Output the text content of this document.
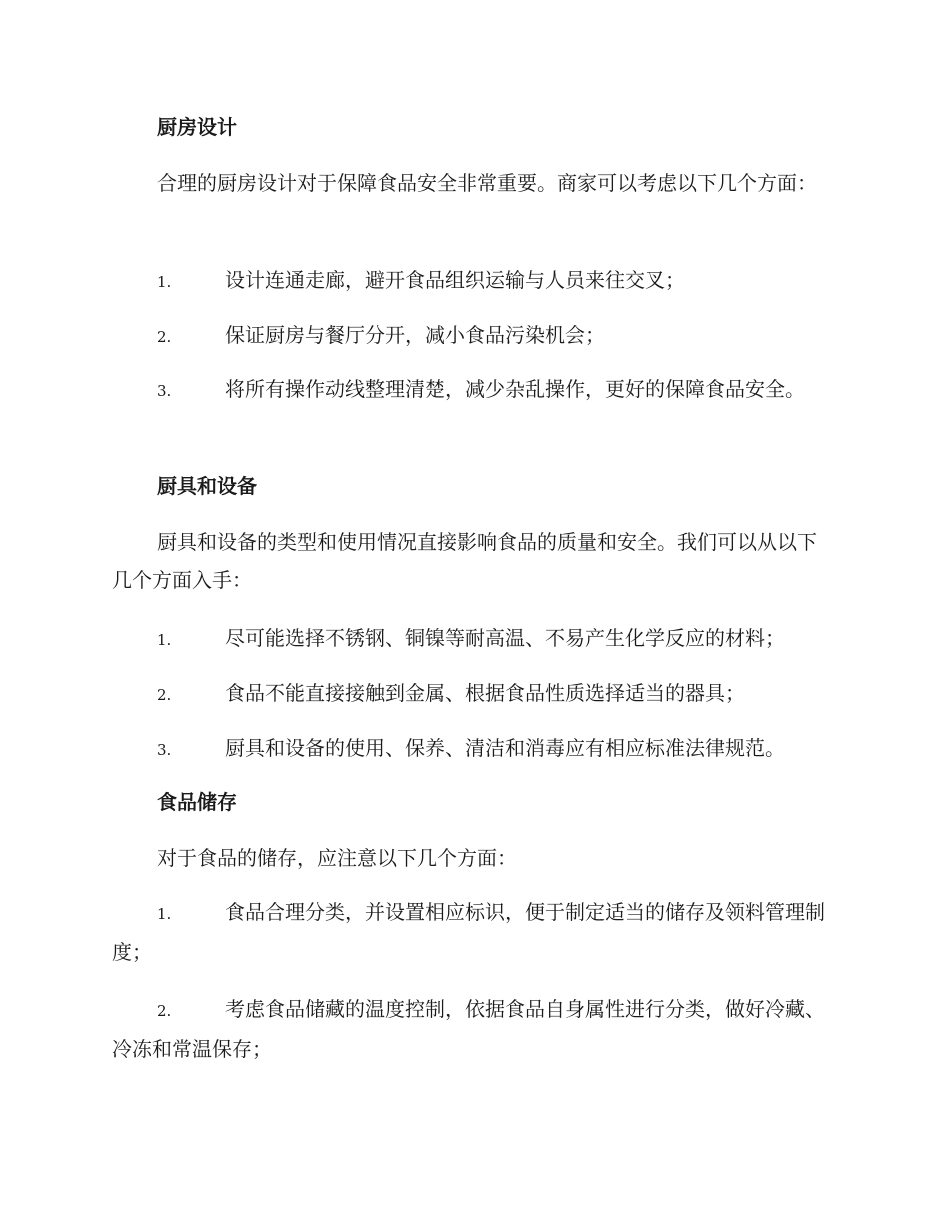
厨房设计
合理的厨房设计对于保障食品安全非常重要。商家可以考虑以下几个方面：
1.	设计连通走廊，避开食品组织运输与人员来往交叉；
2.	保证厨房与餐厅分开，减小食品污染机会；
3.	将所有操作动线整理清楚，减少杂乱操作，更好的保障食品安全。
厨具和设备
厨具和设备的类型和使用情况直接影响食品的质量和安全。我们可以从以下几个方面入手：
1.	尽可能选择不锈钢、铜镍等耐高温、不易产生化学反应的材料；
2.	食品不能直接接触到金属、根据食品性质选择适当的器具；
3.	厨具和设备的使用、保养、清洁和消毒应有相应标准法律规范。
食品储存
对于食品的储存，应注意以下几个方面：
1.	食品合理分类，并设置相应标识，便于制定适当的储存及领料管理制度；
2.	考虑食品储藏的温度控制，依据食品自身属性进行分类，做好冷藏、冷冻和常温保存；
